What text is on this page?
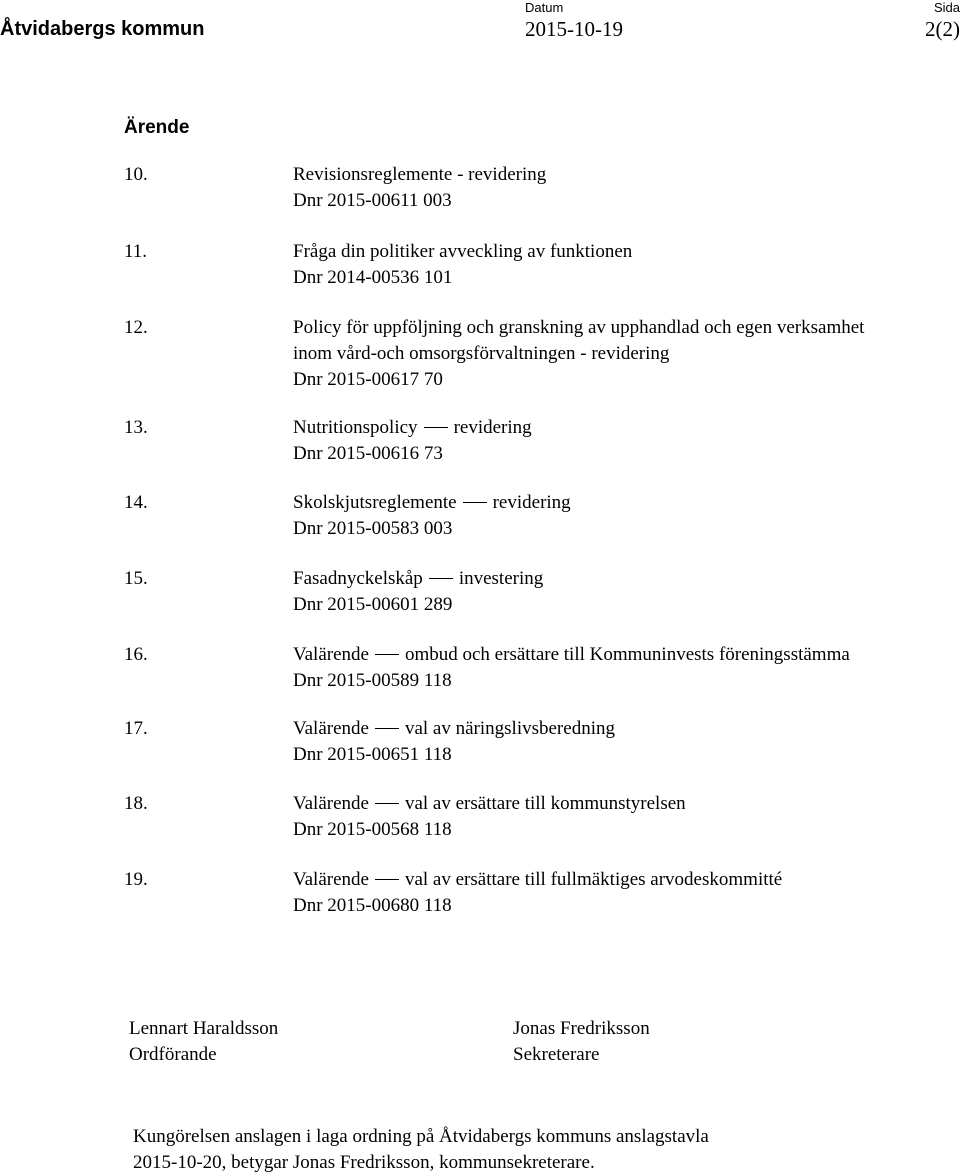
Åtvidabergs kommun
Datum
2015-10-19
Sida
2(2)
Ärende
10.	Revisionsreglemente - revidering
Dnr 2015-00611 003
11.	Fråga din politiker avveckling av funktionen
Dnr 2014-00536 101
12.	Policy för uppföljning och granskning av upphandlad och egen verksamhet
inom vård-och omsorgsförvaltningen - revidering
Dnr 2015-00617 70
13.	Nutritionspolicy revidering
Dnr 2015-00616 73
14.	Skolskjutsreglemente revidering
Dnr 2015-00583 003
15.	Fasadnyckelskåp investering
Dnr 2015-00601 289
16.	Valärende ombud och ersättare till Kommuninvests föreningsstämma
Dnr 2015-00589 118
17.	Valärende val av näringslivsberedning
Dnr 2015-00651 118
18.	Valärende val av ersättare till kommunstyrelsen
Dnr 2015-00568 118
19.	Valärende val av ersättare till fullmäktiges arvodeskommitté
Dnr 2015-00680 118
Lennart Haraldsson
Ordförande
Jonas Fredriksson
Sekreterare
Kungörelsen anslagen i laga ordning på Åtvidabergs kommuns anslagstavla
2015-10-20, betygar Jonas Fredriksson, kommunsekreterare.
